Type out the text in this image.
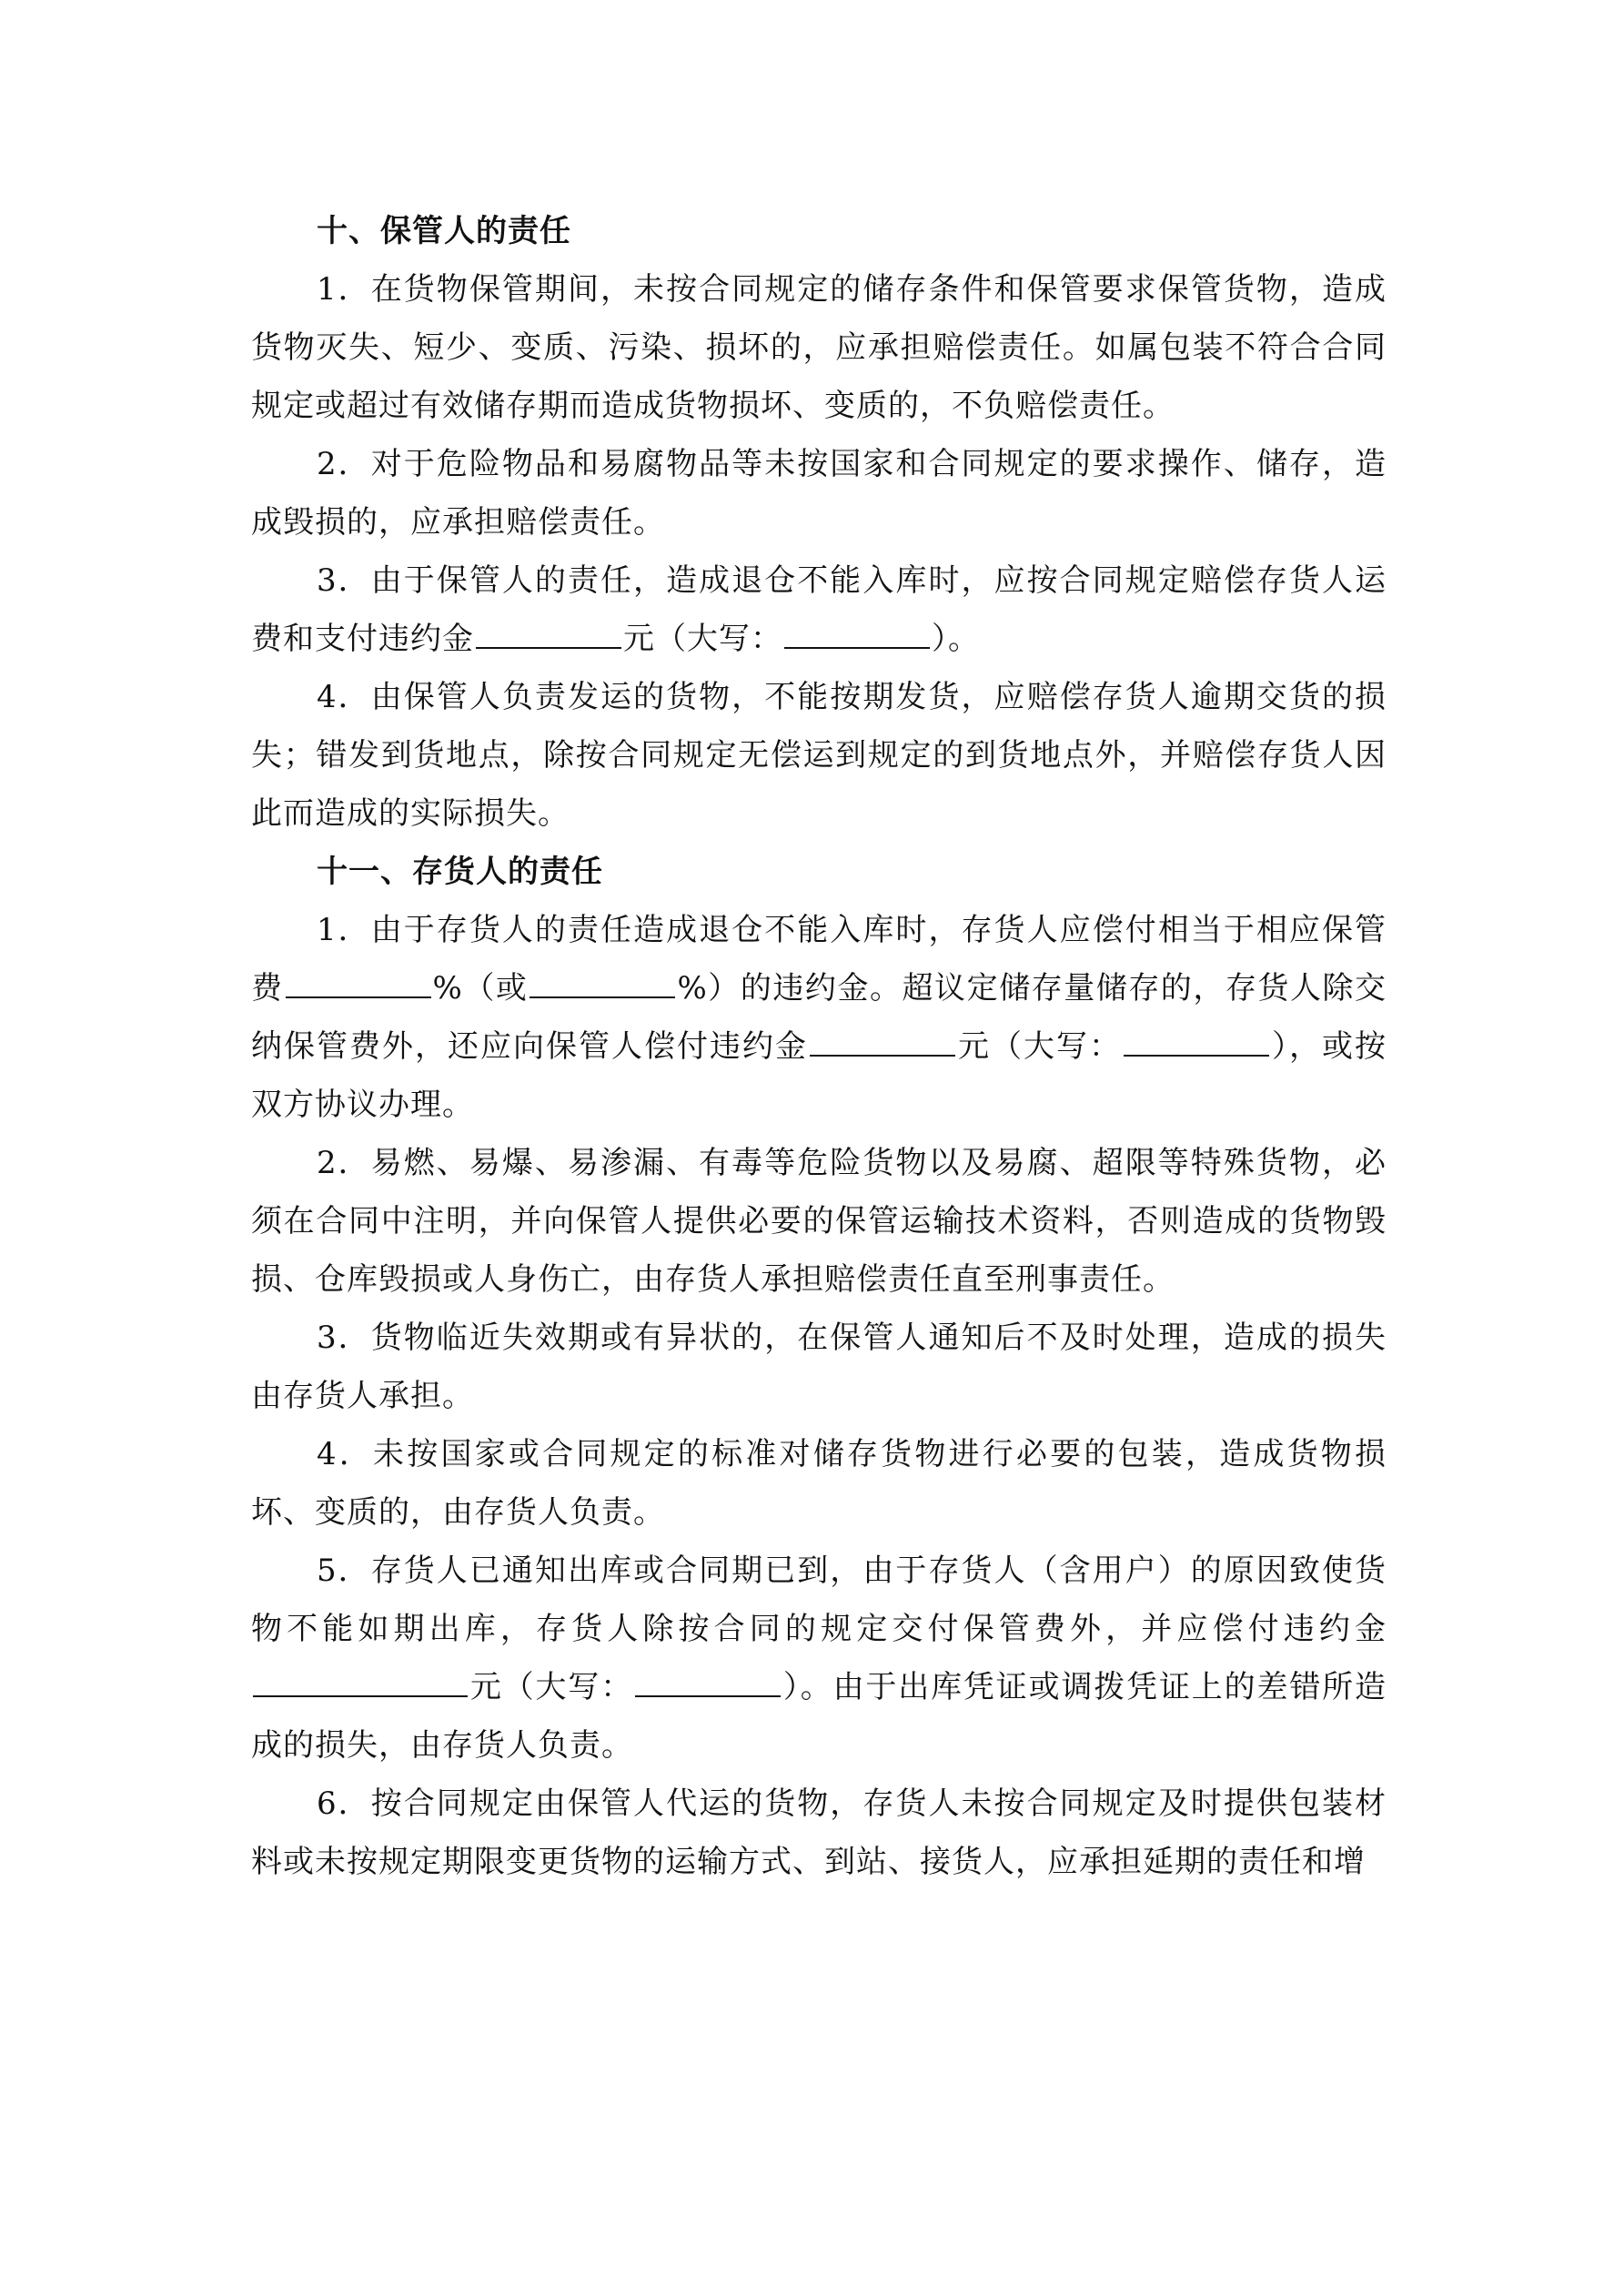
十、保管人的责任

1．在货物保管期间，未按合同规定的储存条件和保管要求保管货物，造成货物灭失、短少、变质、污染、损坏的，应承担赔偿责任。如属包装不符合合同规定或超过有效储存期而造成货物损坏、变质的，不负赔偿责任。

2．对于危险物品和易腐物品等未按国家和合同规定的要求操作、储存，造成毁损的，应承担赔偿责任。

3．由于保管人的责任，造成退仓不能入库时，应按合同规定赔偿存货人运费和支付违约金	元（大写：	）。

4．由保管人负责发运的货物，不能按期发货，应赔偿存货人逾期交货的损失；错发到货地点，除按合同规定无偿运到规定的到货地点外，并赔偿存货人因此而造成的实际损失。

十一、存货人的责任

1．由于存货人的责任造成退仓不能入库时，存货人应偿付相当于相应保管费	%（或	%）的违约金。超议定储存量储存的，存货人除交纳保管费外，还应向保管人偿付违约金	元（大写：	），或按双方协议办理。

2．易燃、易爆、易渗漏、有毒等危险货物以及易腐、超限等特殊货物，必须在合同中注明，并向保管人提供必要的保管运输技术资料，否则造成的货物毁损、仓库毁损或人身伤亡，由存货人承担赔偿责任直至刑事责任。

3．货物临近失效期或有异状的，在保管人通知后不及时处理，造成的损失由存货人承担。

4．未按国家或合同规定的标准对储存货物进行必要的包装，造成货物损坏、变质的，由存货人负责。

5．存货人已通知出库或合同期已到，由于存货人（含用户）的原因致使货物不能如期出库，存货人除按合同的规定交付保管费外，并应偿付违约金元（大写：	）。由于出库凭证或调拨凭证上的差错所造成的损失，由存货人负责。

6．按合同规定由保管人代运的货物，存货人未按合同规定及时提供包装材料或未按规定期限变更货物的运输方式、到站、接货人，应承担延期的责任和增
